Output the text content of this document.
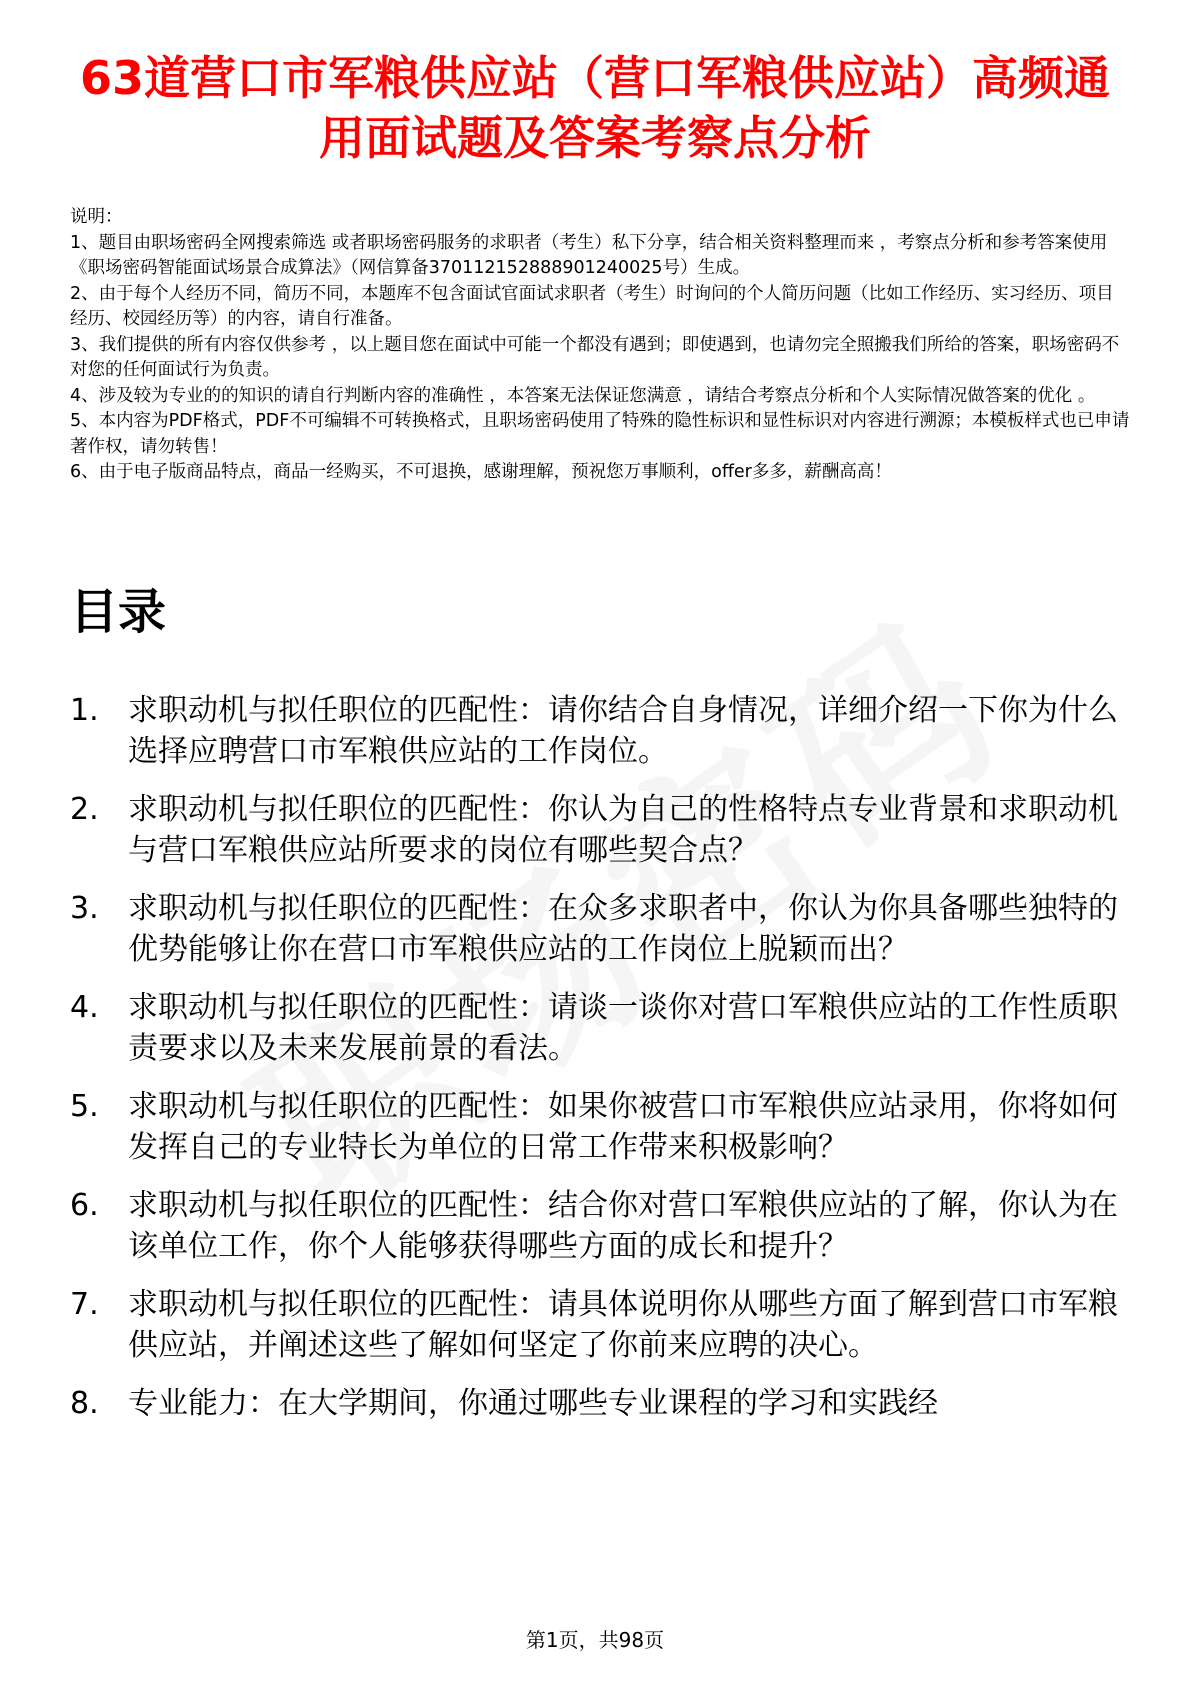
63道营口市军粮供应站（营口军粮供应站）高频通用面试题及答案考察点分析
说明：
1、题目由职场密码全网搜索筛选 或者职场密码服务的求职者（考生）私下分享，结合相关资料整理而来 ，考察点分析和参考答案使用《职场密码智能面试场景合成算法》（网信算备370112152888901240025号）生成。
2、由于每个人经历不同，简历不同，本题库不包含面试官面试求职者（考生）时询问的个人简历问题（比如工作经历、实习经历、项目经历、校园经历等）的内容，请自行准备。
3、我们提供的所有内容仅供参考 ，以上题目您在面试中可能一个都没有遇到；即使遇到，也请勿完全照搬我们所给的答案，职场密码不对您的任何面试行为负责。
4、涉及较为专业的的知识的请自行判断内容的准确性 ，本答案无法保证您满意 ，请结合考察点分析和个人实际情况做答案的优化 。
5、本内容为PDF格式，PDF不可编辑不可转换格式，且职场密码使用了特殊的隐性标识和显性标识对内容进行溯源；本模板样式也已申请著作权，请勿转售！
6、由于电子版商品特点，商品一经购买，不可退换，感谢理解，预祝您万事顺利，offer多多，薪酬高高！
目录
1. 求职动机与拟任职位的匹配性：请你结合自身情况，详细介绍一下你为什么选择应聘营口市军粮供应站的工作岗位。
2. 求职动机与拟任职位的匹配性：你认为自己的性格特点专业背景和求职动机与营口军粮供应站所要求的岗位有哪些契合点？
3. 求职动机与拟任职位的匹配性：在众多求职者中，你认为你具备哪些独特的优势能够让你在营口市军粮供应站的工作岗位上脱颖而出？
4. 求职动机与拟任职位的匹配性：请谈一谈你对营口军粮供应站的工作性质职责要求以及未来发展前景的看法。
5. 求职动机与拟任职位的匹配性：如果你被营口市军粮供应站录用，你将如何发挥自己的专业特长为单位的日常工作带来积极影响？
6. 求职动机与拟任职位的匹配性：结合你对营口军粮供应站的了解，你认为在该单位工作，你个人能够获得哪些方面的成长和提升？
7. 求职动机与拟任职位的匹配性：请具体说明你从哪些方面了解到营口市军粮供应站，并阐述这些了解如何坚定了你前来应聘的决心。
8. 专业能力：在大学期间，你通过哪些专业课程的学习和实践经
第1页，共98页
